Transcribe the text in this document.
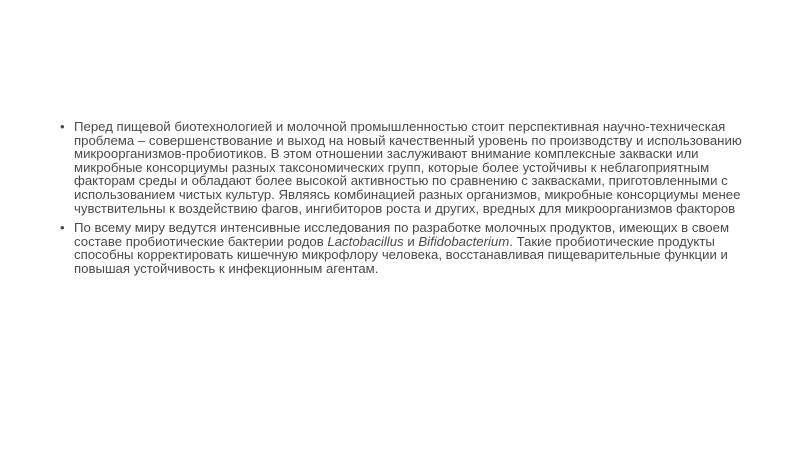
• Перед пищевой биотехнологией и молочной промышленностью стоит перспективная научно-техническая проблема – совершенствование и выход на новый качественный уровень по производству и использованию микроорганизмов-пробиотиков. В этом отношении заслуживают внимание комплексные закваски или микробные консорциумы разных таксономических групп, которые более устойчивы к неблагоприятным факторам среды и обладают более высокой активностью по сравнению с заквасками, приготовленными с использованием чистых культур. Являясь комбинацией разных организмов, микробные консорциумы менее чувствительны к воздействию фагов, ингибиторов роста и других, вредных для микроорганизмов факторов
• По всему миру ведутся интенсивные исследования по разработке молочных продуктов, имеющих в своем составе пробиотические бактерии родов Lactobacillus и Bifidobacterium. Такие пробиотические продукты способны корректировать кишечную микрофлору человека, восстанавливая пищеварительные функции и повышая устойчивость к инфекционным агентам.
